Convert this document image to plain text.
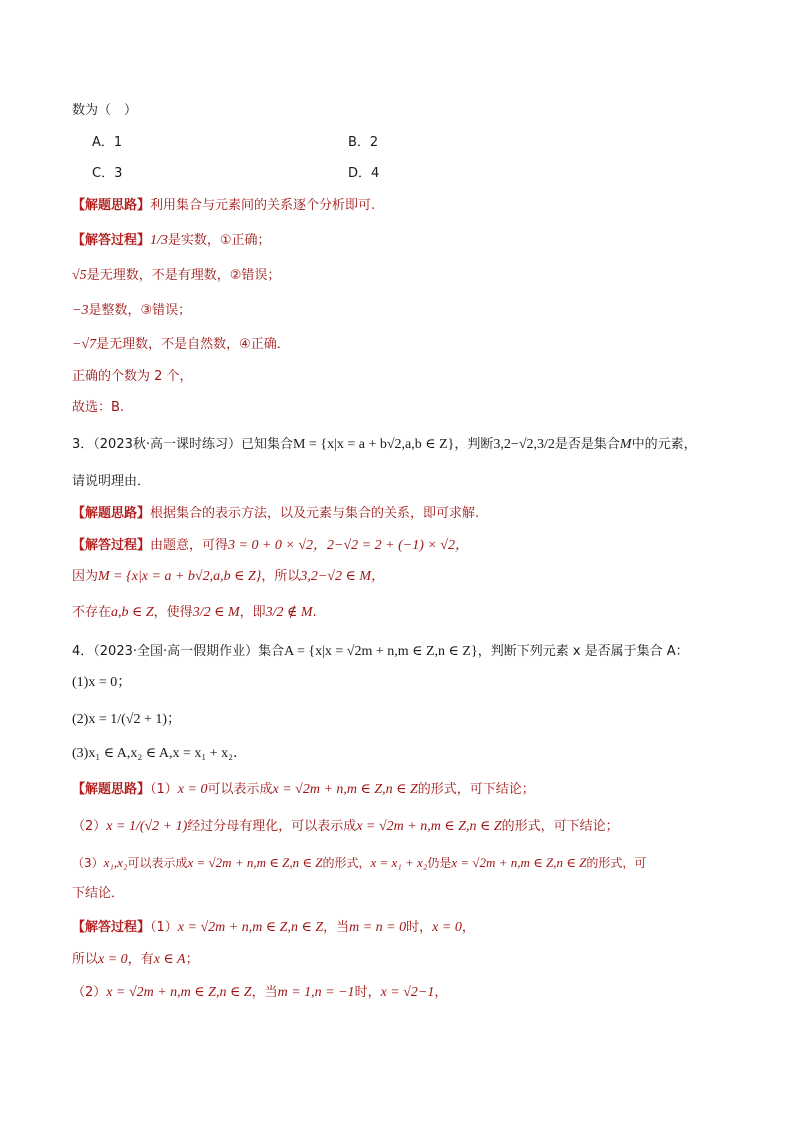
数为（　）
A．1	B．2
C．3	D．4
【解题思路】利用集合与元素间的关系逐个分析即可.
【解答过程】1/3是实数，①正确；
√5是无理数，不是有理数，②错误；
−3是整数，③错误；
−√7是无理数，不是自然数，④正确．
正确的个数为 2 个，
故选：B.
3．（2023秋·高一课时练习）已知集合M = {x|x = a + b√2,a,b ∈ Z}，判断3,2−√2,3/2是否是集合M中的元素，
请说明理由．
【解题思路】根据集合的表示方法，以及元素与集合的关系，即可求解.
【解答过程】由题意，可得3 = 0 + 0 × √2，2−√2 = 2 + (−1) × √2，
因为M = {x|x = a + b√2,a,b ∈ Z}，所以3,2−√2 ∈ M，
不存在a,b ∈ Z，使得3/2 ∈ M，即3/2 ∉ M.
4．（2023·全国·高一假期作业）集合A = {x|x = √2m + n,m ∈ Z,n ∈ Z}，判断下列元素 x 是否属于集合 A：
(1)x = 0；
(2)x = 1/(√2 + 1)；
(3)x₁ ∈ A,x₂ ∈ A,x = x₁ + x₂．
【解题思路】（1）x = 0可以表示成x = √2m + n,m ∈ Z,n ∈ Z的形式，可下结论；
（2）x = 1/(√2 + 1)经过分母有理化，可以表示成x = √2m + n,m ∈ Z,n ∈ Z的形式，可下结论；
（3）x₁,x₂可以表示成x = √2m + n,m ∈ Z,n ∈ Z的形式，x = x₁ + x₂仍是x = √2m + n,m ∈ Z,n ∈ Z的形式，可
下结论．
【解答过程】（1）x = √2m + n,m ∈ Z,n ∈ Z，当m = n = 0时，x = 0，
所以x = 0，有x ∈ A；
（2）x = √2m + n,m ∈ Z,n ∈ Z，当m = 1,n = −1时，x = √2−1，
